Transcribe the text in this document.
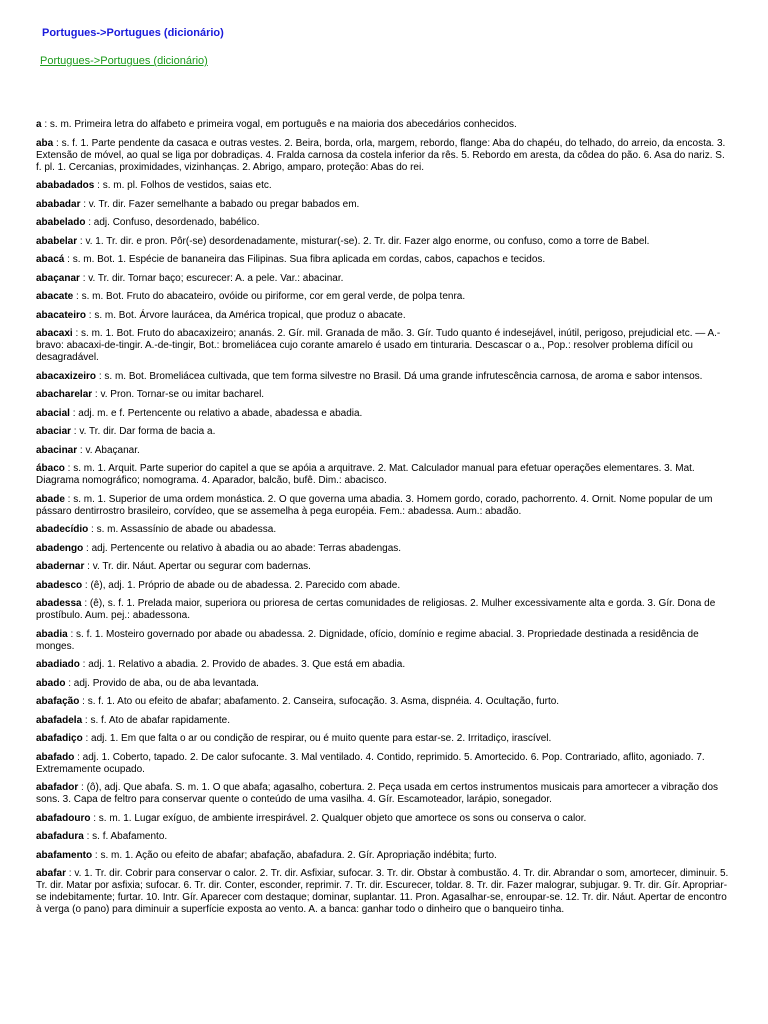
Portugues->Portugues (dicionário)
Portugues->Portugues (dicionário)

a : s. m. Primeira letra do alfabeto e primeira vogal, em português e na maioria dos abecedários conhecidos.

aba : s. f. 1. Parte pendente da casaca e outras vestes. 2. Beira, borda, orla, margem, rebordo, flange: Aba do chapéu, do telhado, do arreio, da encosta. 3. Extensão de móvel, ao qual se liga por dobradiças. 4. Fralda carnosa da costela inferior da rês. 5. Rebordo em aresta, da côdea do pão. 6. Asa do nariz. S. f. pl. 1. Cercanias, proximidades, vizinhanças. 2. Abrigo, amparo, proteção: Abas do rei.

ababadados : s. m. pl. Folhos de vestidos, saias etc.

ababadar : v. Tr. dir. Fazer semelhante a babado ou pregar babados em.

ababelado : adj. Confuso, desordenado, babélico.

ababelar : v. 1. Tr. dir. e pron. Pôr(-se) desordenadamente, misturar(-se). 2. Tr. dir. Fazer algo enorme, ou confuso, como a torre de Babel.

abacá : s. m. Bot. 1. Espécie de bananeira das Filipinas. Sua fibra aplicada em cordas, cabos, capachos e tecidos.

abaçanar : v. Tr. dir. Tornar baço; escurecer: A. a pele. Var.: abacinar.

abacate : s. m. Bot. Fruto do abacateiro, ovóide ou piriforme, cor em geral verde, de polpa tenra.

abacateiro : s. m. Bot. Árvore laurácea, da América tropical, que produz o abacate.

abacaxi : s. m. 1. Bot. Fruto do abacaxizeiro; ananás. 2. Gír. mil. Granada de mão. 3. Gír. Tudo quanto é indesejável, inútil, perigoso, prejudicial etc. — A.-bravo: abacaxi-de-tingir. A.-de-tingir, Bot.: bromeliácea cujo corante amarelo é usado em tinturaria. Descascar o a., Pop.: resolver problema difícil ou desagradável.

abacaxizeiro : s. m. Bot. Bromeliácea cultivada, que tem forma silvestre no Brasil. Dá uma grande infrutescência carnosa, de aroma e sabor intensos.

abacharelar : v. Pron. Tornar-se ou imitar bacharel.

abacial : adj. m. e f. Pertencente ou relativo a abade, abadessa e abadia.

abaciar : v. Tr. dir. Dar forma de bacia a.

abacinar : v. Abaçanar.

ábaco : s. m. 1. Arquit. Parte superior do capitel a que se apóia a arquitrave. 2. Mat. Calculador manual para efetuar operações elementares. 3. Mat. Diagrama nomográfico; nomograma. 4. Aparador, balcão, bufê. Dim.: abacisco.

abade : s. m. 1. Superior de uma ordem monástica. 2. O que governa uma abadia. 3. Homem gordo, corado, pachorrento. 4. Ornit. Nome popular de um pássaro dentirrostro brasileiro, corvídeo, que se assemelha à pega européia. Fem.: abadessa. Aum.: abadão.

abadecídio : s. m. Assassínio de abade ou abadessa.

abadengo : adj. Pertencente ou relativo à abadia ou ao abade: Terras abadengas.

abadernar : v. Tr. dir. Náut. Apertar ou segurar com badernas.

abadesco : (ê), adj. 1. Próprio de abade ou de abadessa. 2. Parecido com abade.

abadessa : (ê), s. f. 1. Prelada maior, superiora ou prioresa de certas comunidades de religiosas. 2. Mulher excessivamente alta e gorda. 3. Gír. Dona de prostíbulo. Aum. pej.: abadessona.

abadia : s. f. 1. Mosteiro governado por abade ou abadessa. 2. Dignidade, ofício, domínio e regime abacial. 3. Propriedade destinada a residência de monges.

abadiado : adj. 1. Relativo a abadia. 2. Provido de abades. 3. Que está em abadia.

abado : adj. Provido de aba, ou de aba levantada.

abafação : s. f. 1. Ato ou efeito de abafar; abafamento. 2. Canseira, sufocação. 3. Asma, dispnéia. 4. Ocultação, furto.

abafadela : s. f. Ato de abafar rapidamente.

abafadiço : adj. 1. Em que falta o ar ou condição de respirar, ou é muito quente para estar-se. 2. Irritadiço, irascível.

abafado : adj. 1. Coberto, tapado. 2. De calor sufocante. 3. Mal ventilado. 4. Contido, reprimido. 5. Amortecido. 6. Pop. Contrariado, aflito, agoniado. 7. Extremamente ocupado.

abafador : (ô), adj. Que abafa. S. m. 1. O que abafa; agasalho, cobertura. 2. Peça usada em certos instrumentos musicais para amortecer a vibração dos sons. 3. Capa de feltro para conservar quente o conteúdo de uma vasilha. 4. Gír. Escamoteador, larápio, sonegador.

abafadouro : s. m. 1. Lugar exíguo, de ambiente irrespirável. 2. Qualquer objeto que amortece os sons ou conserva o calor.

abafadura : s. f. Abafamento.

abafamento : s. m. 1. Ação ou efeito de abafar; abafação, abafadura. 2. Gír. Apropriação indébita; furto.

abafar : v. 1. Tr. dir. Cobrir para conservar o calor. 2. Tr. dir. Asfixiar, sufocar. 3. Tr. dir. Obstar à combustão. 4. Tr. dir. Abrandar o som, amortecer, diminuir. 5. Tr. dir. Matar por asfixia; sufocar. 6. Tr. dir. Conter, esconder, reprimir. 7. Tr. dir. Escurecer, toldar. 8. Tr. dir. Fazer malograr, subjugar. 9. Tr. dir. Gír. Apropriar-se indebitamente; furtar. 10. Intr. Gír. Aparecer com destaque; dominar, suplantar. 11. Pron. Agasalhar-se, enroupar-se. 12. Tr. dir. Náut. Apertar de encontro à verga (o pano) para diminuir a superfície exposta ao vento. A. a banca: ganhar todo o dinheiro que o banqueiro tinha.
